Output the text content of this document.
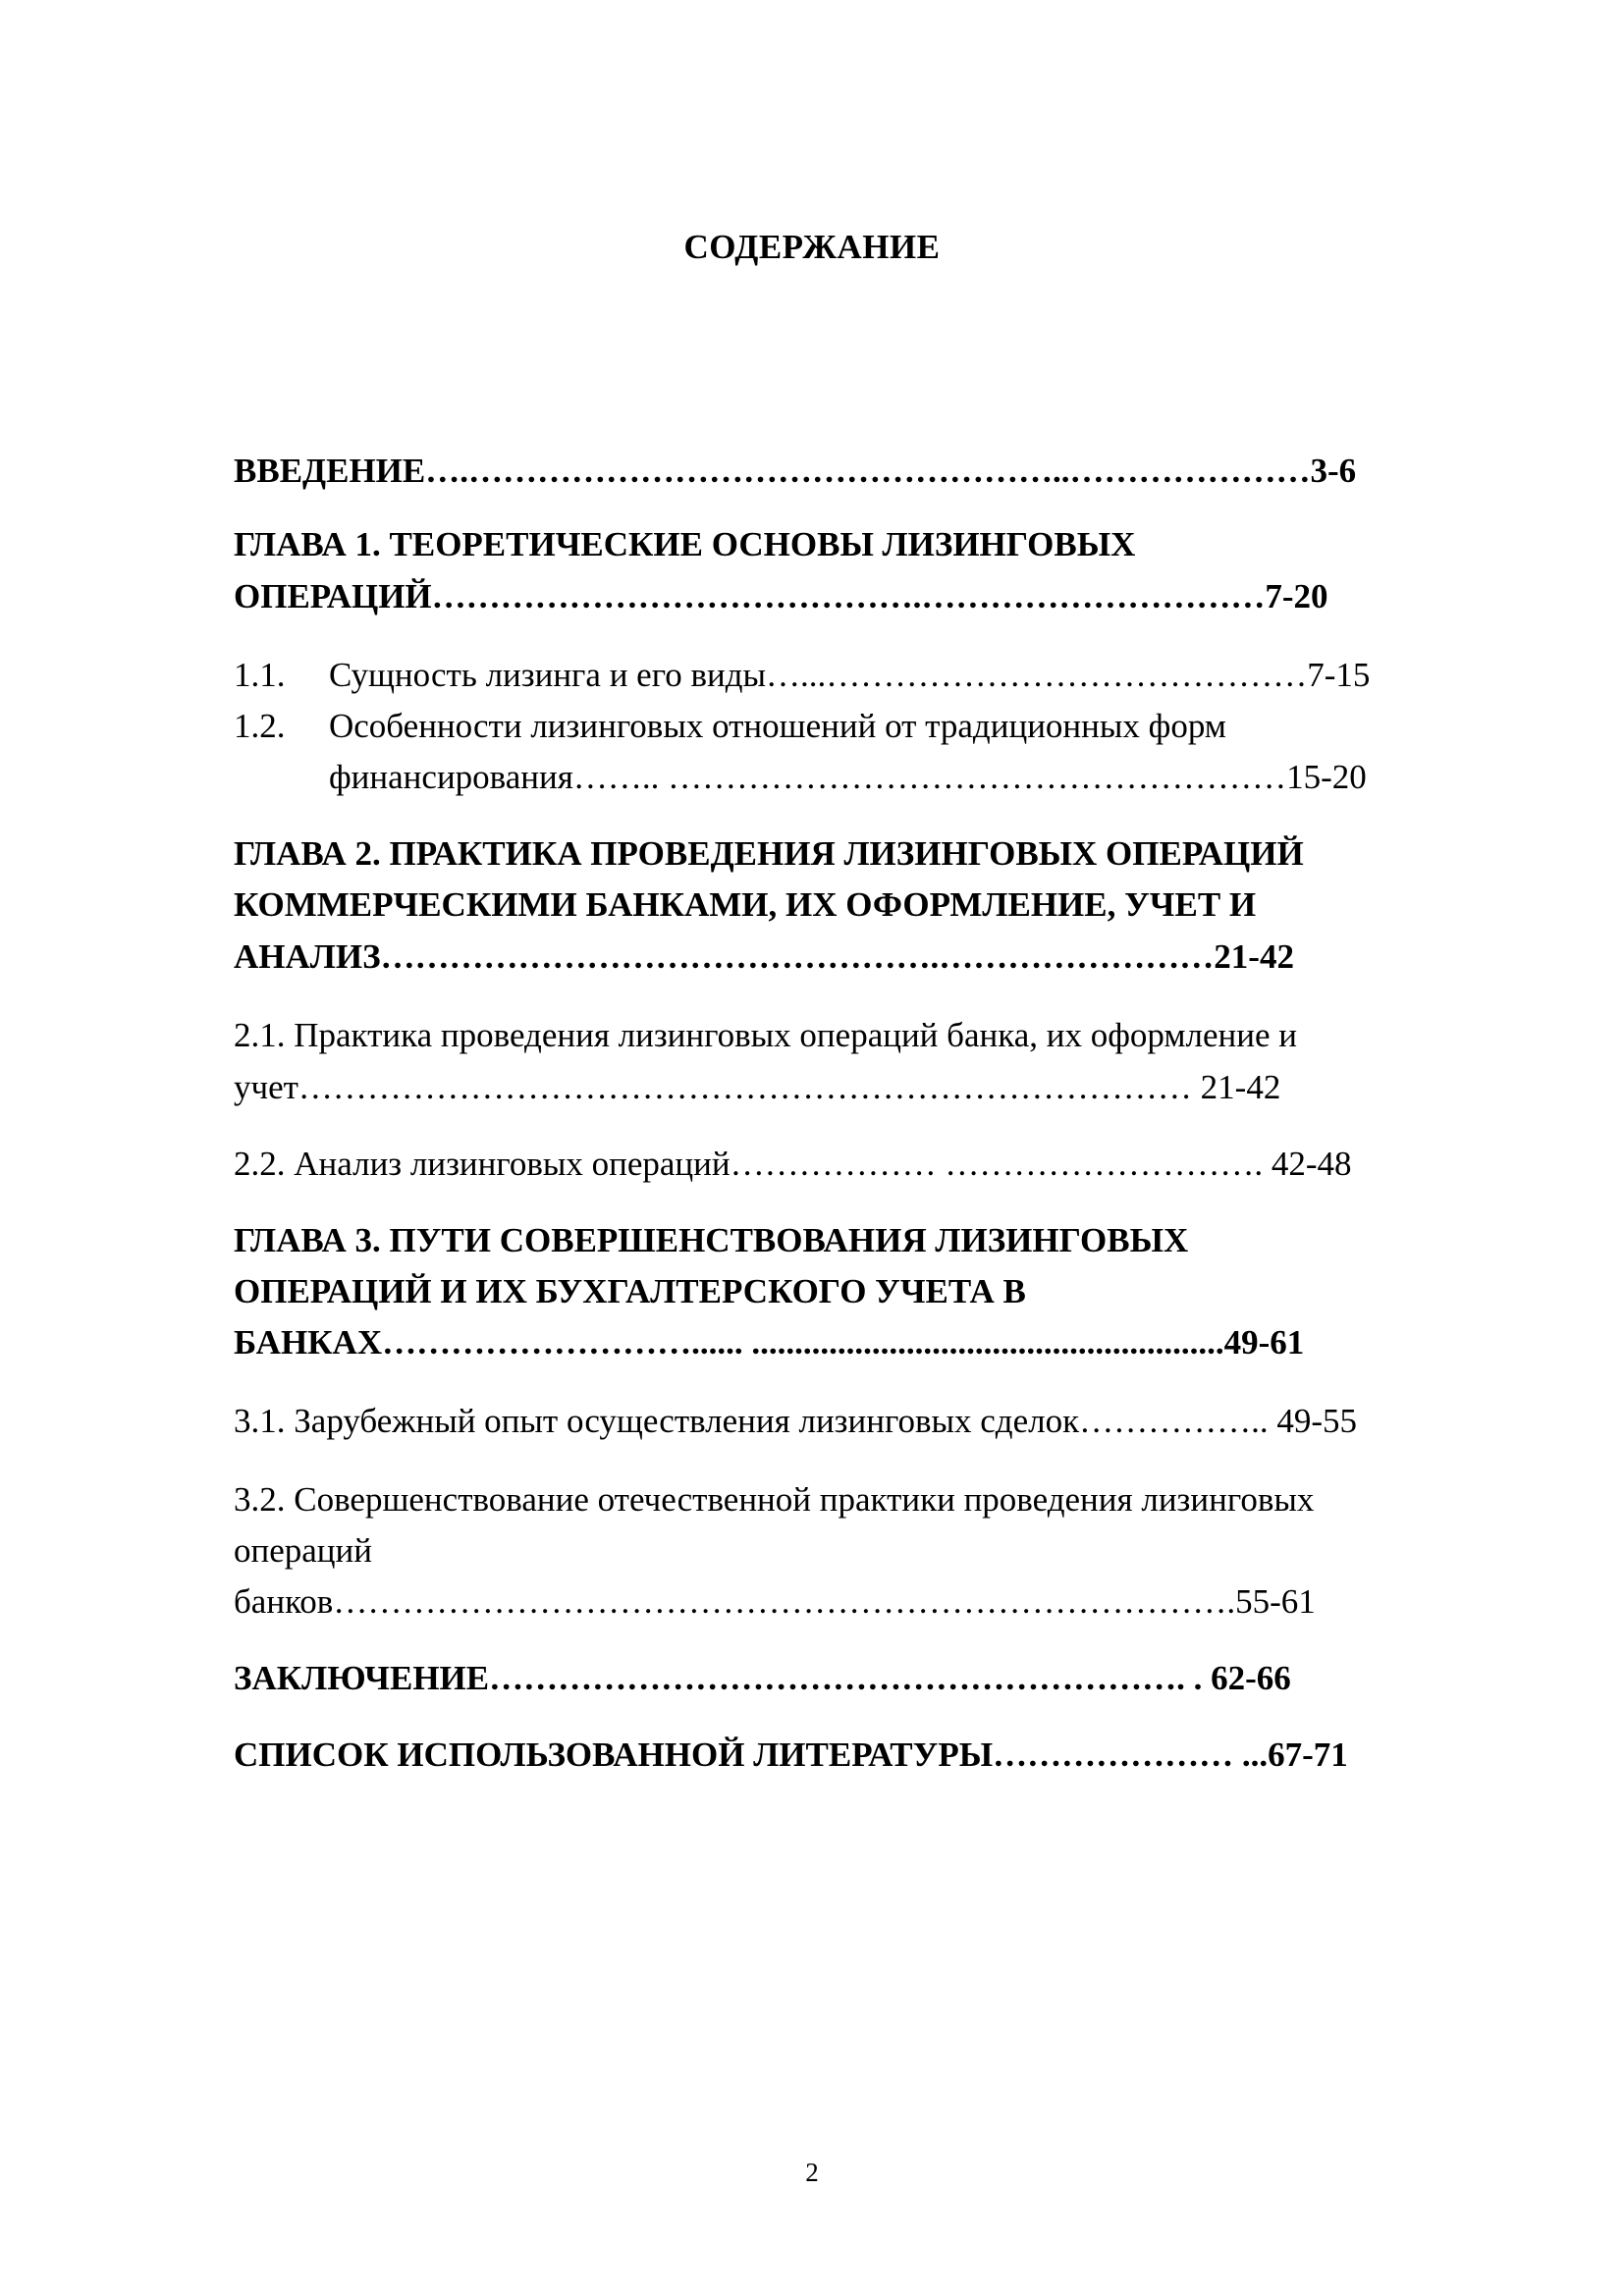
СОДЕРЖАНИЕ
ВВЕДЕНИЕ….……………………………………………..…………………3-6
ГЛАВА 1. ТЕОРЕТИЧЕСКИЕ ОСНОВЫ ЛИЗИНГОВЫХ
ОПЕРАЦИЙ…………………………………….…………………………7-20
1.1. Сущность лизинга и его виды…...……………………………………7-15
1.2. Особенности лизинговых отношений от традиционных форм
финансирования…….. ………………………………………………15-20
ГЛАВА 2. ПРАКТИКА ПРОВЕДЕНИЯ ЛИЗИНГОВЫХ ОПЕРАЦИЙ
КОММЕРЧЕСКИМИ БАНКАМИ, ИХ ОФОРМЛЕНИЕ, УЧЕТ И
АНАЛИЗ………………………………………….……………………21-42
2.1. Практика проведения лизинговых операций банка, их оформление и
учет…………………………………………………………………… 21-42
2.2. Анализ лизинговых операций……………… ………………………. 42-48
ГЛАВА 3. ПУТИ СОВЕРШЕНСТВОВАНИЯ ЛИЗИНГОВЫХ
ОПЕРАЦИЙ И ИХ БУХГАЛТЕРСКОГО УЧЕТА В
БАНКАХ………………………...... .......................................................49-61
3.1. Зарубежный опыт осуществления лизинговых сделок…………….. 49-55
3.2. Совершенствование отечественной практики проведения лизинговых
операций
банков…………………………………………………………………….55-61
ЗАКЛЮЧЕНИЕ……………………………………………………. . 62-66
СПИСОК ИСПОЛЬЗОВАННОЙ ЛИТЕРАТУРЫ………………… ...67-71
2
